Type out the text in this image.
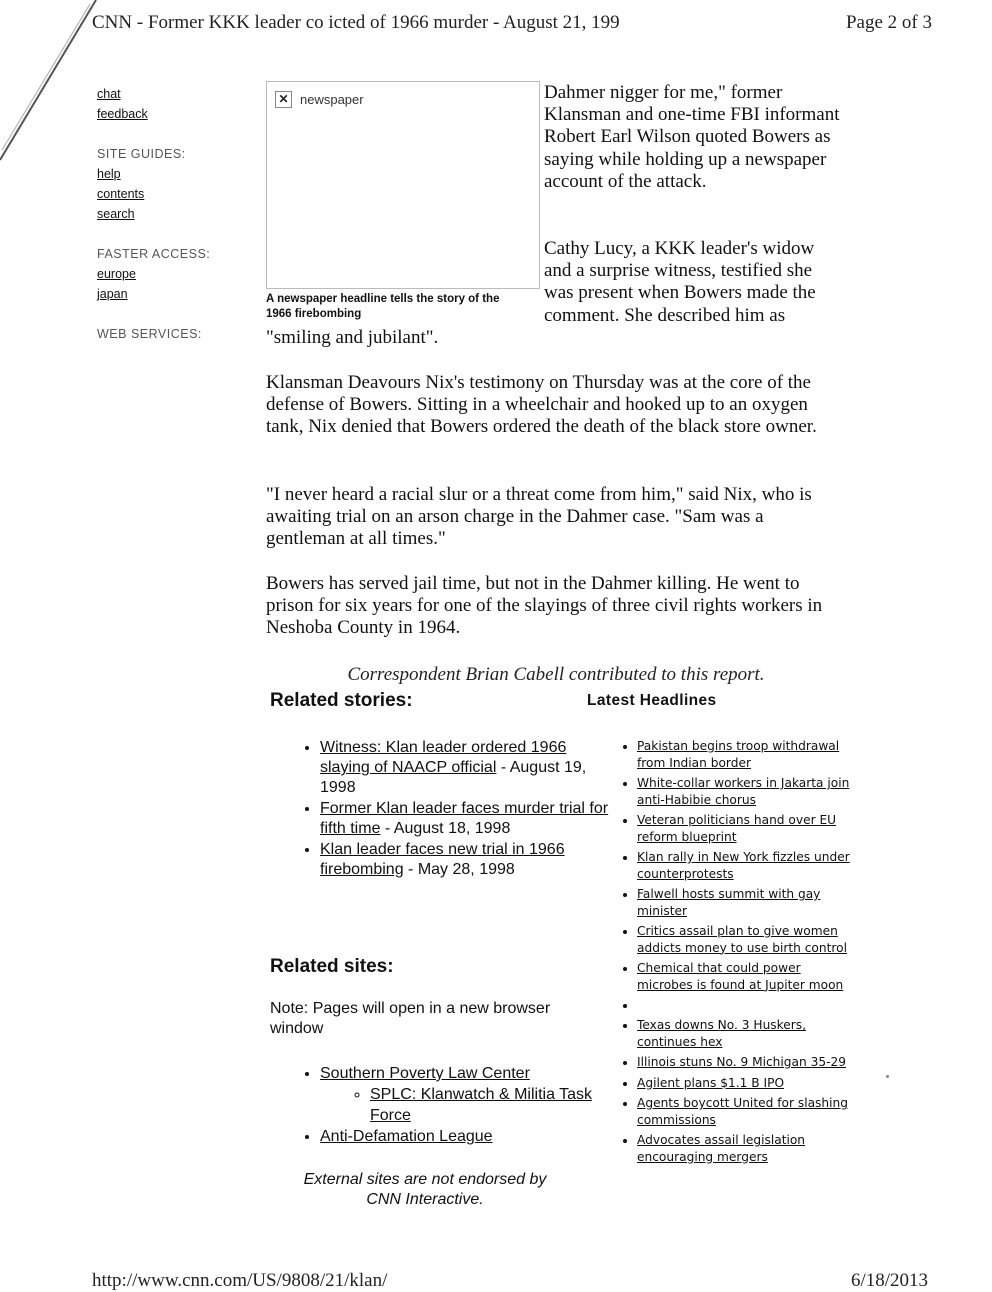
CNN - Former KKK leader co icted of 1966 murder - August 21, 199	Page 2 of 3
chat
feedback
SITE GUIDES:
help
contents
search
FASTER ACCESS:
europe
japan
WEB SERVICES:
✕ newspaper
A newspaper headline tells the story of the 1966 firebombing

Dahmer nigger for me," former Klansman and one-time FBI informant Robert Earl Wilson quoted Bowers as saying while holding up a newspaper account of the attack.

Cathy Lucy, a KKK leader's widow and a surprise witness, testified she was present when Bowers made the comment. She described him as

"smiling and jubilant".

Klansman Deavours Nix's testimony on Thursday was at the core of the defense of Bowers. Sitting in a wheelchair and hooked up to an oxygen tank, Nix denied that Bowers ordered the death of the black store owner.

"I never heard a racial slur or a threat come from him," said Nix, who is awaiting trial on an arson charge in the Dahmer case. "Sam was a gentleman at all times."

Bowers has served jail time, but not in the Dahmer killing. He went to prison for six years for one of the slayings of three civil rights workers in Neshoba County in 1964.

Correspondent Brian Cabell contributed to this report.
Related stories:
• Witness: Klan leader ordered 1966 slaying of NAACP official - August 19, 1998
• Former Klan leader faces murder trial for fifth time - August 18, 1998
• Klan leader faces new trial in 1966 firebombing - May 28, 1998
Related sites:
Note: Pages will open in a new browser window
• Southern Poverty Law Center
◦ SPLC: Klanwatch & Militia Task Force
• Anti-Defamation League
External sites are not endorsed by CNN Interactive.
Latest Headlines
• Pakistan begins troop withdrawal from Indian border
• White-collar workers in Jakarta join anti-Habibie chorus
• Veteran politicians hand over EU reform blueprint
• Klan rally in New York fizzles under counterprotests
• Falwell hosts summit with gay minister
• Critics assail plan to give women addicts money to use birth control
• Chemical that could power microbes is found at Jupiter moon
•
• Texas downs No. 3 Huskers, continues hex
• Illinois stuns No. 9 Michigan 35-29
• Agilent plans $1.1 B IPO
• Agents boycott United for slashing commissions
• Advocates assail legislation encouraging mergers
http://www.cnn.com/US/9808/21/klan/	6/18/2013
